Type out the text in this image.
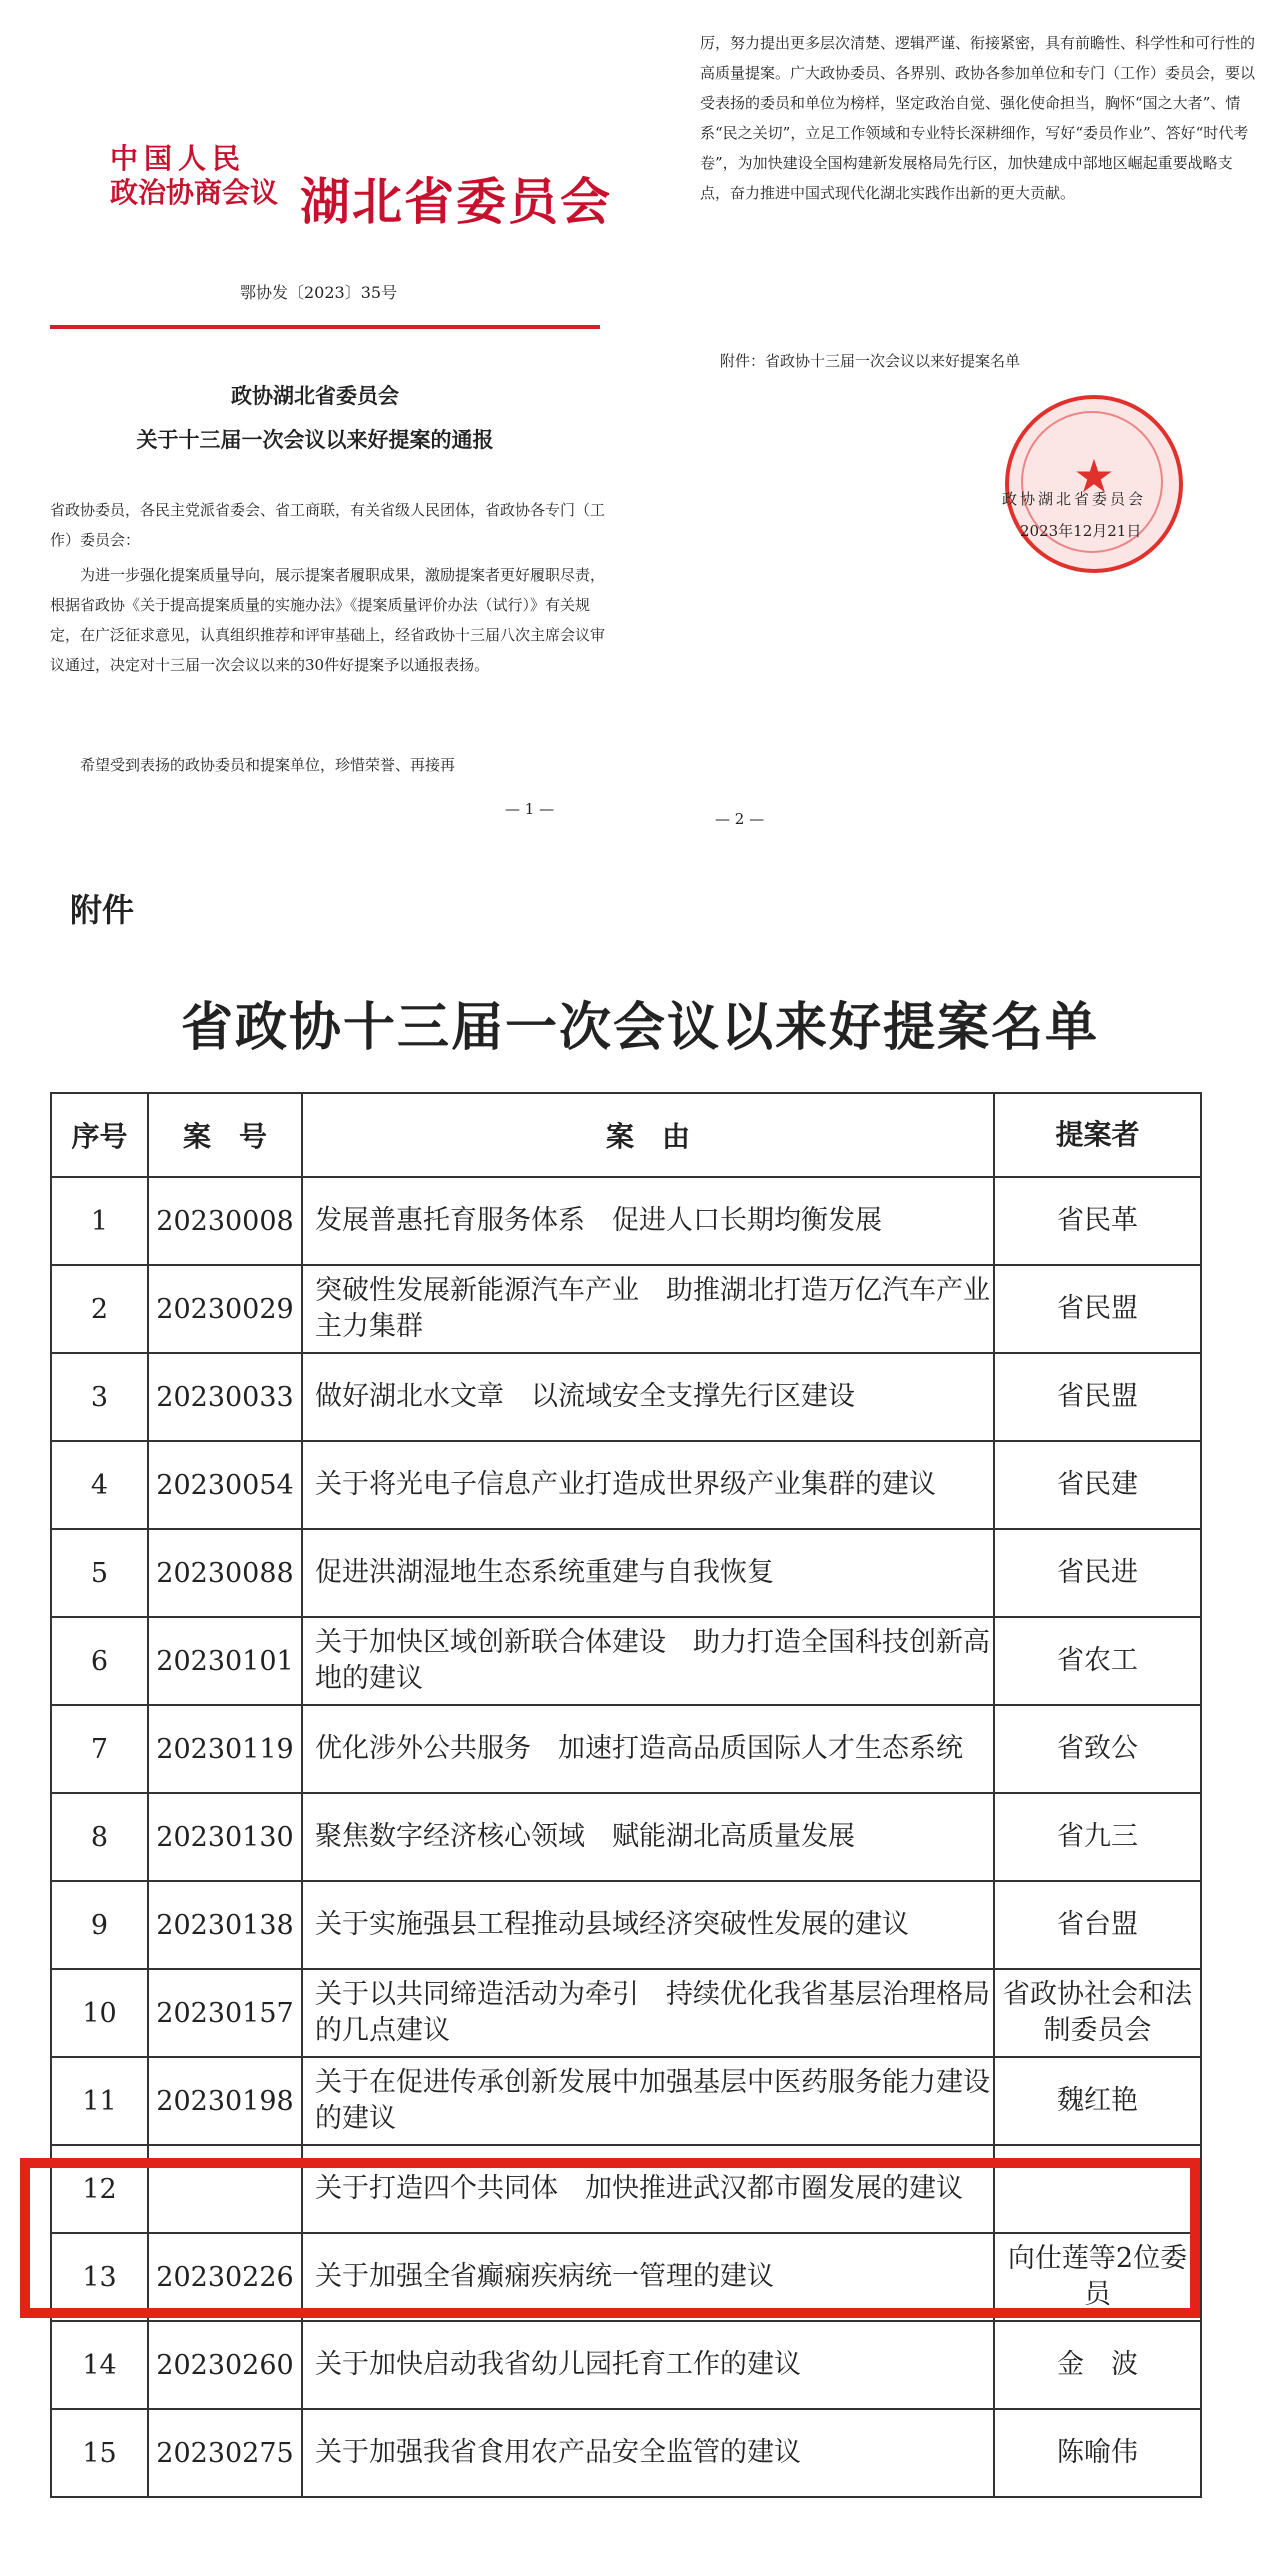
中国人民
政治协商会议 湖北省委员会
鄂协发〔2023〕35号
政协湖北省委员会
关于十三届一次会议以来好提案的通报
省政协委员，各民主党派省委会、省工商联，有关省级人民团体，省政协各专门（工作）委员会：
　　为进一步强化提案质量导向，展示提案者履职成果，激励提案者更好履职尽责，根据省政协《关于提高提案质量的实施办法》《提案质量评价办法（试行）》有关规定，在广泛征求意见，认真组织推荐和评审基础上，经省政协十三届八次主席会议审议通过，决定对十三届一次会议以来的30件好提案予以通报表扬。
　　希望受到表扬的政协委员和提案单位，珍惜荣誉、再接再
— 1 —
厉，努力提出更多层次清楚、逻辑严谨、衔接紧密，具有前瞻性、科学性和可行性的高质量提案。广大政协委员、各界别、政协各参加单位和专门（工作）委员会，要以受表扬的委员和单位为榜样，坚定政治自觉、强化使命担当，胸怀“国之大者”、情系“民之关切”，立足工作领域和专业特长深耕细作，写好“委员作业”、答好“时代考卷”，为加快建设全国构建新发展格局先行区，加快建成中部地区崛起重要战略支点，奋力推进中国式现代化湖北实践作出新的更大贡献。
附件：省政协十三届一次会议以来好提案名单
★
政协湖北省委员会
2023年12月21日
— 2 —
附件
省政协十三届一次会议以来好提案名单
序号	案　号	案　由	提案者
1	20230008	发展普惠托育服务体系　促进人口长期均衡发展	省民革
2	20230029	突破性发展新能源汽车产业　助推湖北打造万亿汽车产业主力集群	省民盟
3	20230033	做好湖北水文章　以流域安全支撑先行区建设	省民盟
4	20230054	关于将光电子信息产业打造成世界级产业集群的建议	省民建
5	20230088	促进洪湖湿地生态系统重建与自我恢复	省民进
6	20230101	关于加快区域创新联合体建设　助力打造全国科技创新高地的建议	省农工
7	20230119	优化涉外公共服务　加速打造高品质国际人才生态系统	省致公
8	20230130	聚焦数字经济核心领域　赋能湖北高质量发展	省九三
9	20230138	关于实施强县工程推动县域经济突破性发展的建议	省台盟
10	20230157	关于以共同缔造活动为牵引　持续优化我省基层治理格局的几点建议	省政协社会和法制委员会
11	20230198	关于在促进传承创新发展中加强基层中医药服务能力建设的建议	魏红艳
12		关于打造四个共同体　加快推进武汉都市圈发展的建议	
13	20230226	关于加强全省癫痫疾病统一管理的建议	向仕莲等2位委员
14	20230260	关于加快启动我省幼儿园托育工作的建议	金　波
15	20230275	关于加强我省食用农产品安全监管的建议	陈喻伟
